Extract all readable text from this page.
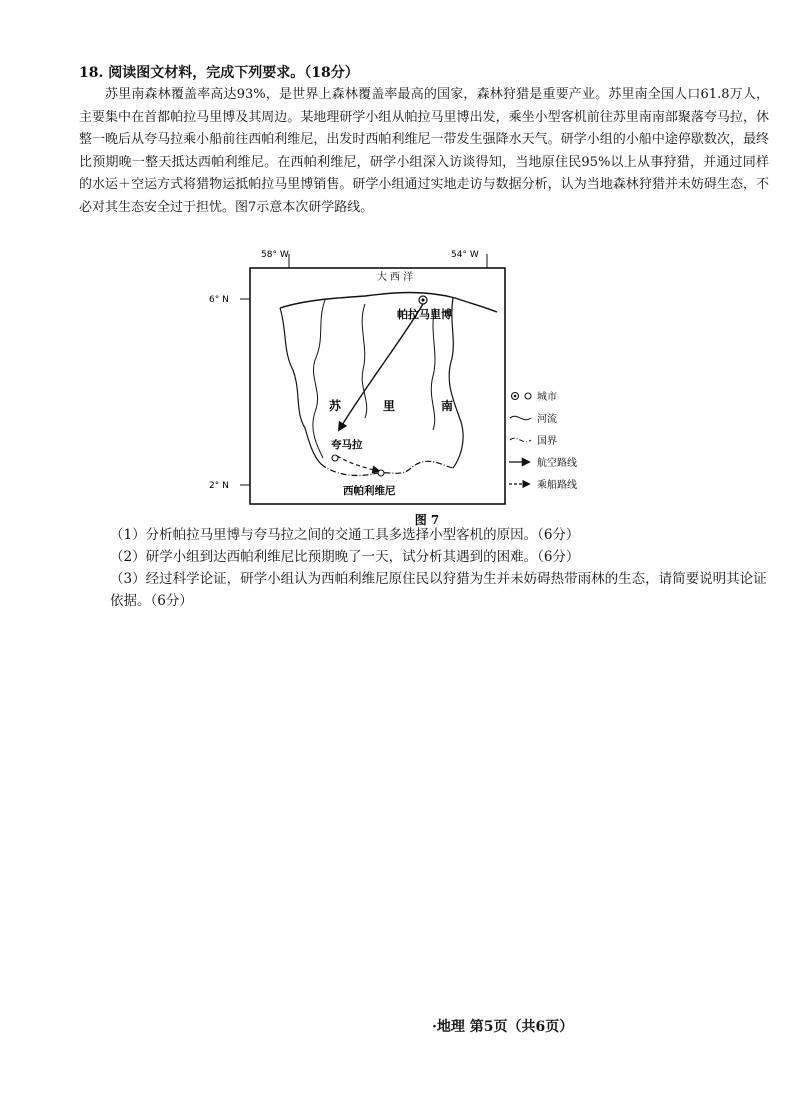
18. 阅读图文材料，完成下列要求。（18分）
苏里南森林覆盖率高达93%，是世界上森林覆盖率最高的国家，森林狩猎是重要产业。苏里南全国人口61.8万人，主要集中在首都帕拉马里博及其周边。某地理研学小组从帕拉马里博出发，乘坐小型客机前往苏里南南部聚落夸马拉，休整一晚后从夸马拉乘小船前往西帕利维尼，出发时西帕利维尼一带发生强降水天气。研学小组的小船中途停歇数次，最终比预期晚一整天抵达西帕利维尼。在西帕利维尼，研学小组深入访谈得知，当地原住民95%以上从事狩猎，并通过同样的水运＋空运方式将猎物运抵帕拉马里博销售。研学小组通过实地走访与数据分析，认为当地森林狩猎并未妨碍生态，不必对其生态安全过于担忧。图7示意本次研学路线。
58° W	54° W
6° N
2° N
大 西 洋
帕拉马里博
夸马拉
西帕利维尼
苏	里	南
城市
河流
国界
航空路线
乘船路线
图 7
（1）分析帕拉马里博与夸马拉之间的交通工具多选择小型客机的原因。（6分）
（2）研学小组到达西帕利维尼比预期晚了一天，试分析其遇到的困难。（6分）
（3）经过科学论证，研学小组认为西帕利维尼原住民以狩猎为生并未妨碍热带雨林的生态，请简要说明其论证依据。（6分）
·地理 第5页（共6页）
